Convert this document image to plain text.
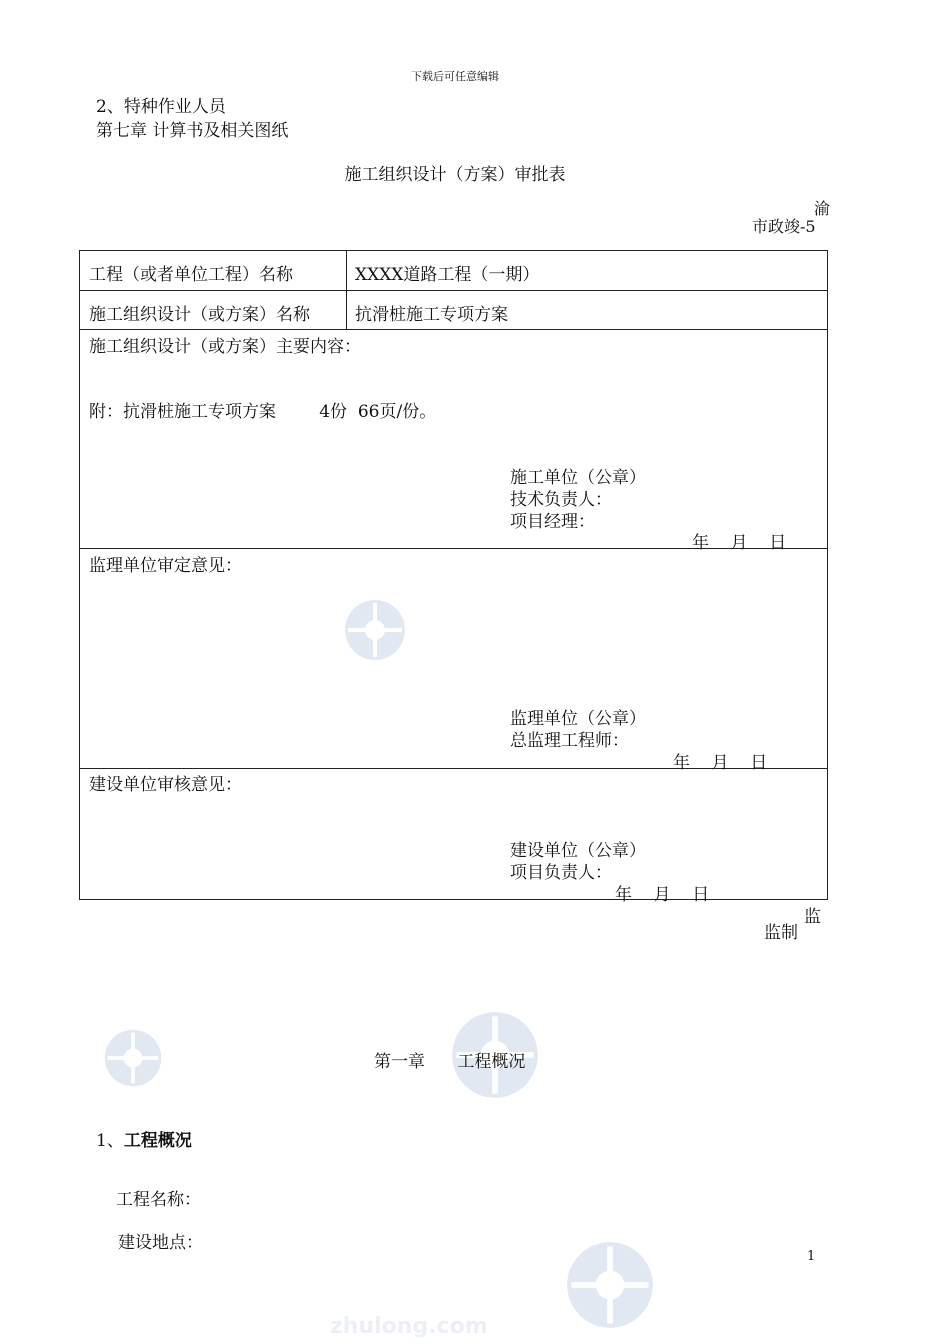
zhulong.com
下载后可任意编辑
2、特种作业人员
第七章 计算书及相关图纸
施工组织设计（方案）审批表
渝
市政竣-5
工程（或者单位工程）名称	XXXX道路工程（一期）
施工组织设计（或方案）名称	抗滑桩施工专项方案
施工组织设计（或方案）主要内容：
附：抗滑桩施工专项方案        4份  66页/份。
施工单位（公章）
技术负责人：
项目经理：
年    月    日
监理单位审定意见：
监理单位（公章）
总监理工程师：
年    月    日
建设单位审核意见：
建设单位（公章）
项目负责人：
年    月    日
监
监制
第一章      工程概况
1、工程概况
工程名称：
建设地点：
1
